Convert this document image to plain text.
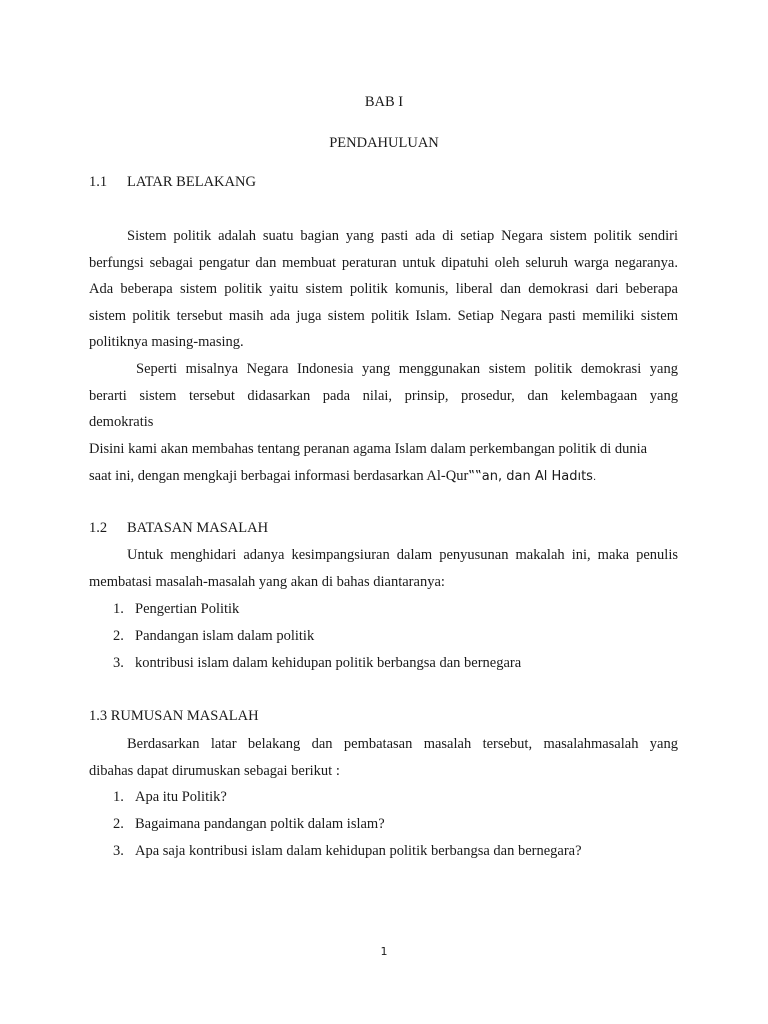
BAB I
PENDAHULUAN
1.1 LATAR BELAKANG
Sistem politik adalah suatu bagian yang pasti ada di setiap Negara sistem politik sendiri
berfungsi sebagai pengatur dan membuat peraturan untuk dipatuhi oleh seluruh warga negaranya.
Ada beberapa sistem politik yaitu sistem politik komunis, liberal dan demokrasi dari beberapa
sistem politik tersebut masih ada juga sistem politik Islam. Setiap Negara pasti memiliki sistem
politiknya masing-masing.
Seperti misalnya Negara Indonesia yang menggunakan sistem politik demokrasi yang
berarti sistem tersebut didasarkan pada nilai, prinsip, prosedur, dan kelembagaan yang
demokratis
Disini kami akan membahas tentang peranan agama Islam dalam perkembangan politik di dunia
saat ini, dengan mengkaji berbagai informasi berdasarkan Al-Qur‟‟an, dan Al Hadıts.
1.2 BATASAN MASALAH
Untuk menghidari adanya kesimpangsiuran dalam penyusunan makalah ini, maka penulis
membatasi masalah-masalah yang akan di bahas diantaranya:
1. Pengertian Politik
2. Pandangan islam dalam politik
3. kontribusi islam dalam kehidupan politik berbangsa dan bernegara
1.3 RUMUSAN MASALAH
Berdasarkan latar belakang dan pembatasan masalah tersebut, masalahmasalah yang
dibahas dapat dirumuskan sebagai berikut :
1. Apa itu Politik?
2. Bagaimana pandangan poltik dalam islam?
3. Apa saja kontribusi islam dalam kehidupan politik berbangsa dan bernegara?
1
